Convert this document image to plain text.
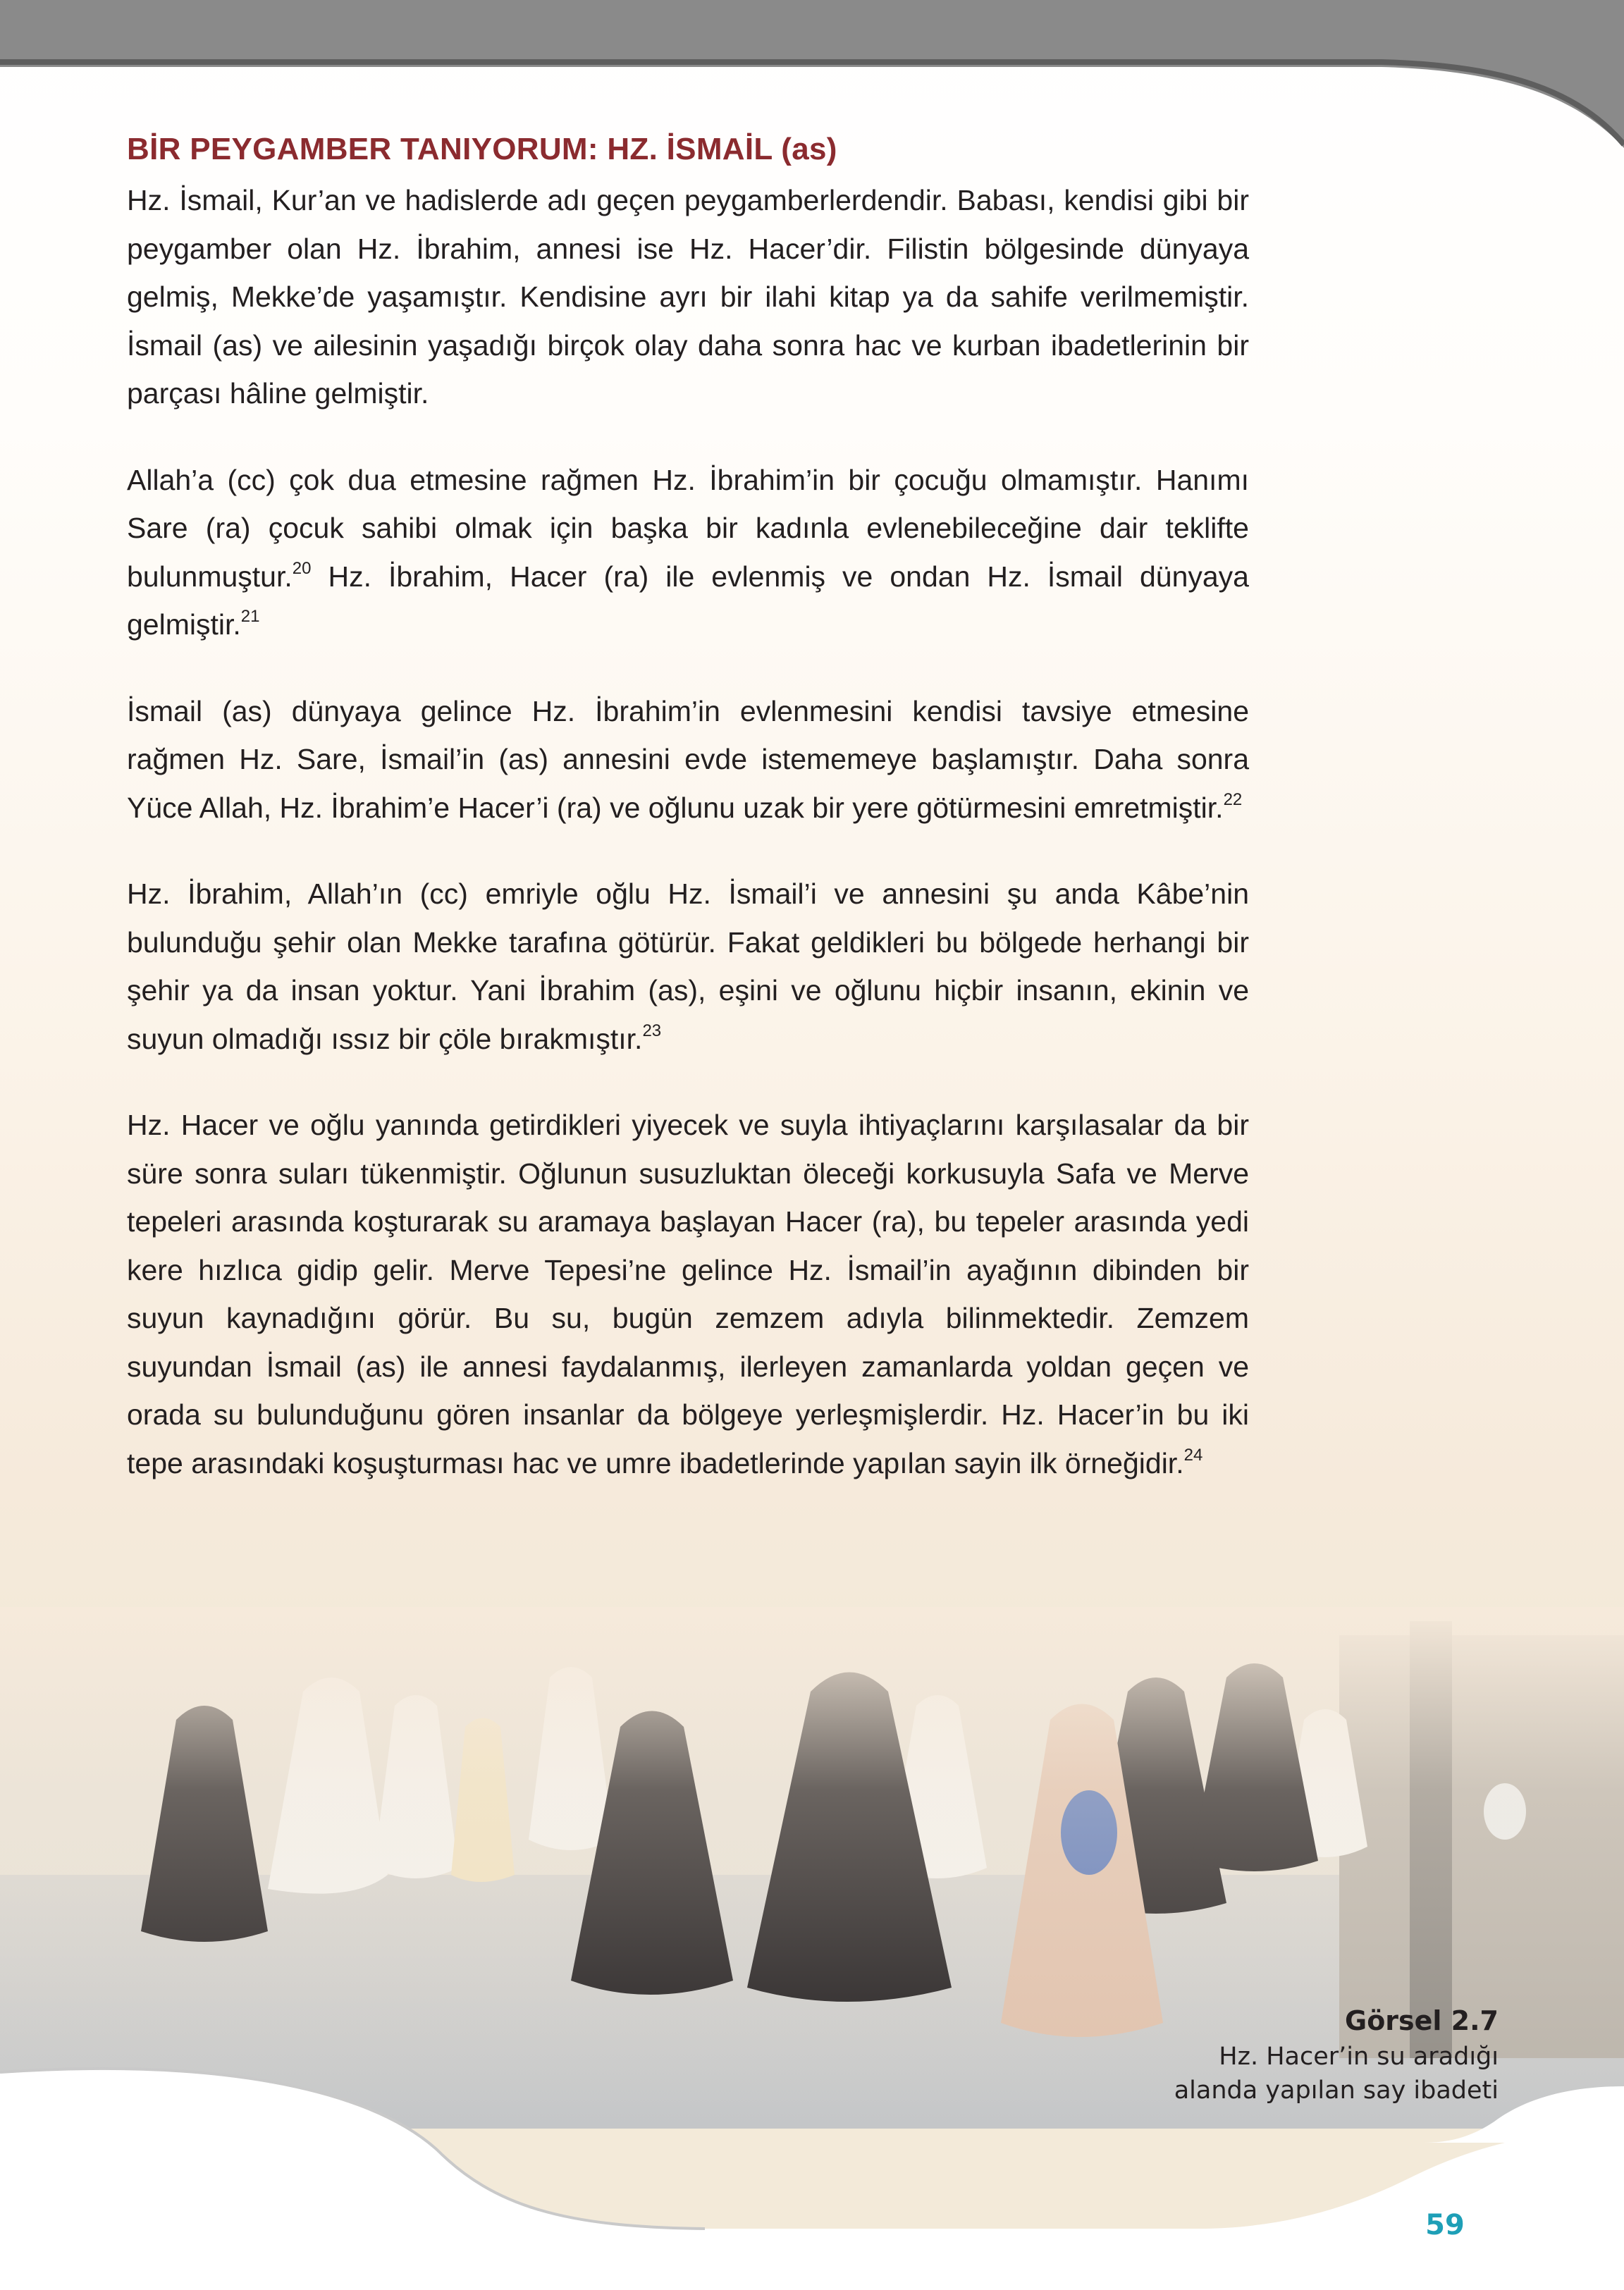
BİR PEYGAMBER TANIYORUM: HZ. İSMAİL (as)

Hz. İsmail, Kur’an ve hadislerde adı geçen peygamberlerdendir. Babası, kendisi gibi bir peygamber olan Hz. İbrahim, annesi ise Hz. Hacer’dir. Filistin bölgesinde dünyaya gelmiş, Mekke’de yaşamıştır. Kendisine ayrı bir ilahi kitap ya da sahife verilmemiştir. İsmail (as) ve ailesinin yaşadığı birçok olay daha sonra hac ve kurban ibadetlerinin bir parçası hâline gelmiştir.

Allah’a (cc) çok dua etmesine rağmen Hz. İbrahim’in bir çocuğu olmamıştır. Hanımı Sare (ra) çocuk sahibi olmak için başka bir kadınla evlenebileceğine dair teklifte bulunmuştur.$^{20}$ Hz. İbrahim, Hacer (ra) ile evlenmiş ve ondan Hz. İsmail dünyaya gelmiştir.$^{21}$

İsmail (as) dünyaya gelince Hz. İbrahim’in evlenmesini kendisi tavsiye etmesine rağmen Hz. Sare, İsmail’in (as) annesini evde istememeye başlamıştır. Daha sonra Yüce Allah, Hz. İbrahim’e Hacer’i (ra) ve oğlunu uzak bir yere götürmesini emretmiştir.$^{22}$

Hz. İbrahim, Allah’ın (cc) emriyle oğlu Hz. İsmail’i ve annesini şu anda Kâbe’nin bulunduğu şehir olan Mekke tarafına götürür. Fakat geldikleri bu bölgede herhangi bir şehir ya da insan yoktur. Yani İbrahim (as), eşini ve oğlunu hiçbir insanın, ekinin ve suyun olmadığı ıssız bir çöle bırakmıştır.$^{23}$

Hz. Hacer ve oğlu yanında getirdikleri yiyecek ve suyla ihtiyaçlarını karşılasalar da bir süre sonra suları tükenmiştir. Oğlunun susuzluktan öleceği korkusuyla Safa ve Merve tepeleri arasında koşturarak su aramaya başlayan Hacer (ra), bu tepeler arasında yedi kere hızlıca gidip gelir. Merve Tepesi’ne gelince Hz. İsmail’in ayağının dibinden bir suyun kaynadığını görür. Bu su, bugün zemzem adıyla bilinmektedir. Zemzem suyundan İsmail (as) ile annesi faydalanmış, ilerleyen zamanlarda yoldan geçen ve orada su bulunduğunu gören insanlar da bölgeye yerleşmişlerdir. Hz. Hacer’in bu iki tepe arasındaki koşuşturması hac ve umre ibadetlerinde yapılan sayin ilk örneğidir.$^{24}$

Görsel 2.7
Hz. Hacer’in su aradığı
alanda yapılan say ibadeti
59
